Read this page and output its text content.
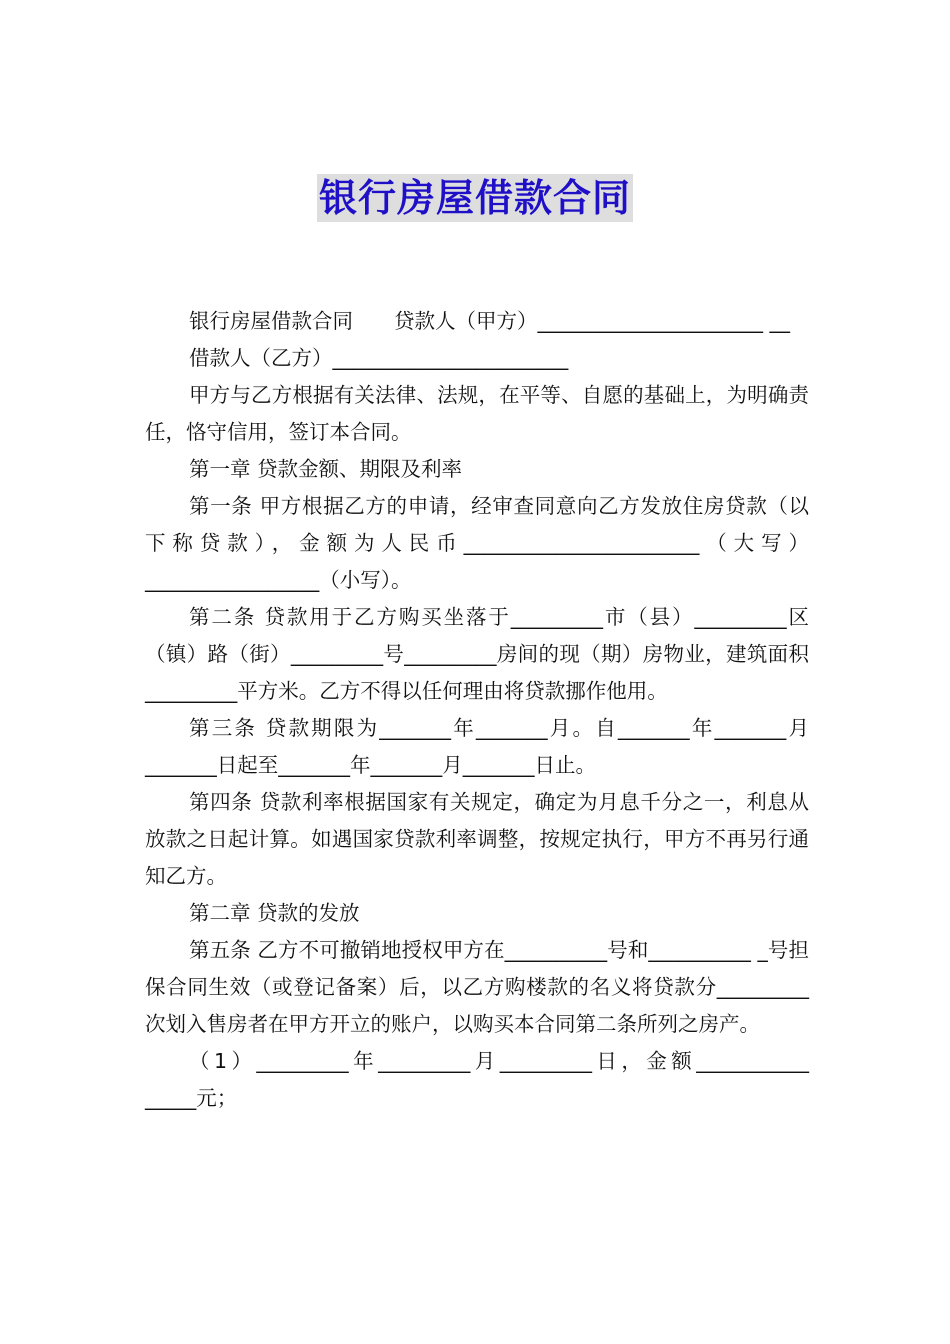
银行房屋借款合同

银行房屋借款合同　　贷款人（甲方）______________________ __

借款人（乙方）_______________________

甲方与乙方根据有关法律、法规，在平等、自愿的基础上，为明确责任，恪守信用，签订本合同。

第一章 贷款金额、期限及利率

第一条 甲方根据乙方的申请，经审查同意向乙方发放住房贷款（以下称贷款），金额为人民币_______________________（大写）_________________（小写）。

第二条 贷款用于乙方购买坐落于_________市（县）_________区（镇）路（街）_________号_________房间的现（期）房物业，建筑面积_________平方米。乙方不得以任何理由将贷款挪作他用。

第三条 贷款期限为_______年_______月。自_______年_______月_______日起至_______年_______月_______日止。

第四条 贷款利率根据国家有关规定，确定为月息千分之一，利息从放款之日起计算。如遇国家贷款利率调整，按规定执行，甲方不再另行通知乙方。

第二章 贷款的发放

第五条 乙方不可撤销地授权甲方在__________号和__________ _号担保合同生效（或登记备案）后，以乙方购楼款的名义将贷款分_________次划入售房者在甲方开立的账户，以购买本合同第二条所列之房产。

（1）_________年_________月_________日，金额___________ _____元；
